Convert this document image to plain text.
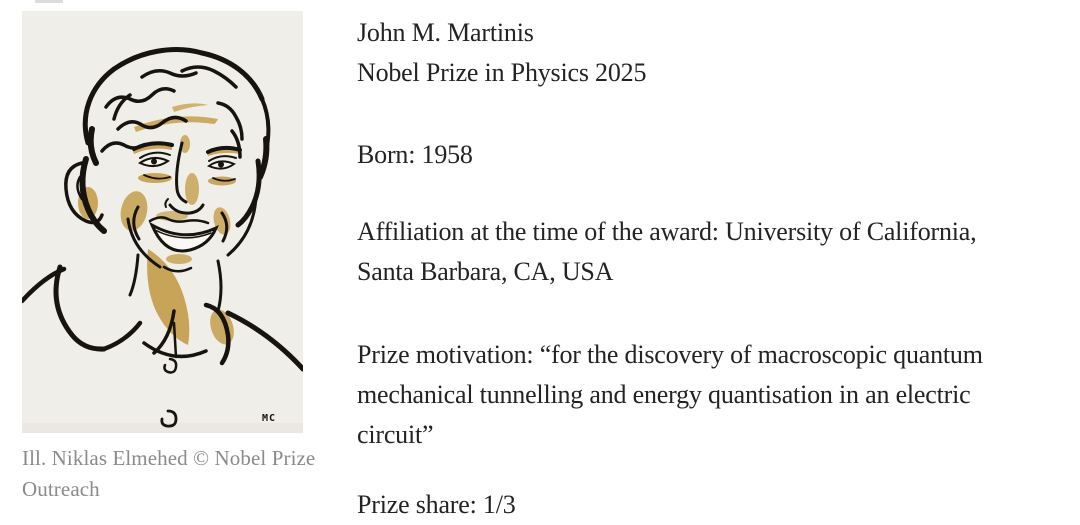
MC
Ill. Niklas Elmehed © Nobel Prize Outreach

John M. Martinis
Nobel Prize in Physics 2025

Born: 1958

Affiliation at the time of the award: University of California, Santa Barbara, CA, USA

Prize motivation: “for the discovery of macroscopic quantum mechanical tunnelling and energy quantisation in an electric circuit”

Prize share: 1/3
